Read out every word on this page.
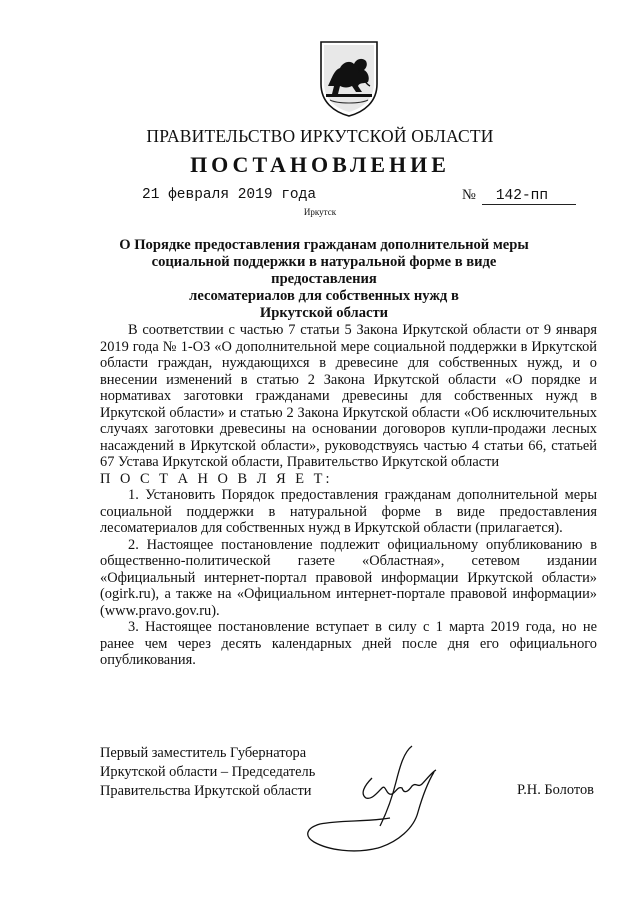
ПРАВИТЕЛЬСТВО ИРКУТСКОЙ ОБЛАСТИ
ПОСТАНОВЛЕНИЕ
21 февраля 2019 года	№ 142-пп
Иркутск
О Порядке предоставления гражданам дополнительной меры
социальной поддержки в натуральной форме в виде предоставления
лесоматериалов для собственных нужд в
Иркутской области

В соответствии с частью 7 статьи 5 Закона Иркутской области от 9 января 2019 года № 1-ОЗ «О дополнительной мере социальной поддержки в Иркутской области граждан, нуждающихся в древесине для собственных нужд, и о внесении изменений в статью 2 Закона Иркутской области «О порядке и нормативах заготовки гражданами древесины для собственных нужд в Иркутской области» и статью 2 Закона Иркутской области «Об исключительных случаях заготовки древесины на основании договоров купли-продажи лесных насаждений в Иркутской области», руководствуясь частью 4 статьи 66, статьей 67 Устава Иркутской области, Правительство Иркутской области

П О С Т А Н О В Л Я Е Т:

1. Установить Порядок предоставления гражданам дополнительной меры социальной поддержки в натуральной форме в виде предоставления лесоматериалов для собственных нужд в Иркутской области (прилагается).

2. Настоящее постановление подлежит официальному опубликованию в общественно-политической газете «Областная», сетевом издании «Официальный интернет-портал правовой информации Иркутской области» (ogirk.ru), а также на «Официальном интернет-портале правовой информации» (www.pravo.gov.ru).

3. Настоящее постановление вступает в силу с 1 марта 2019 года, но не ранее чем через десять календарных дней после дня его официального опубликования.

Первый заместитель Губернатора
Иркутской области – Председатель
Правительства Иркутской области	Р.Н. Болотов
